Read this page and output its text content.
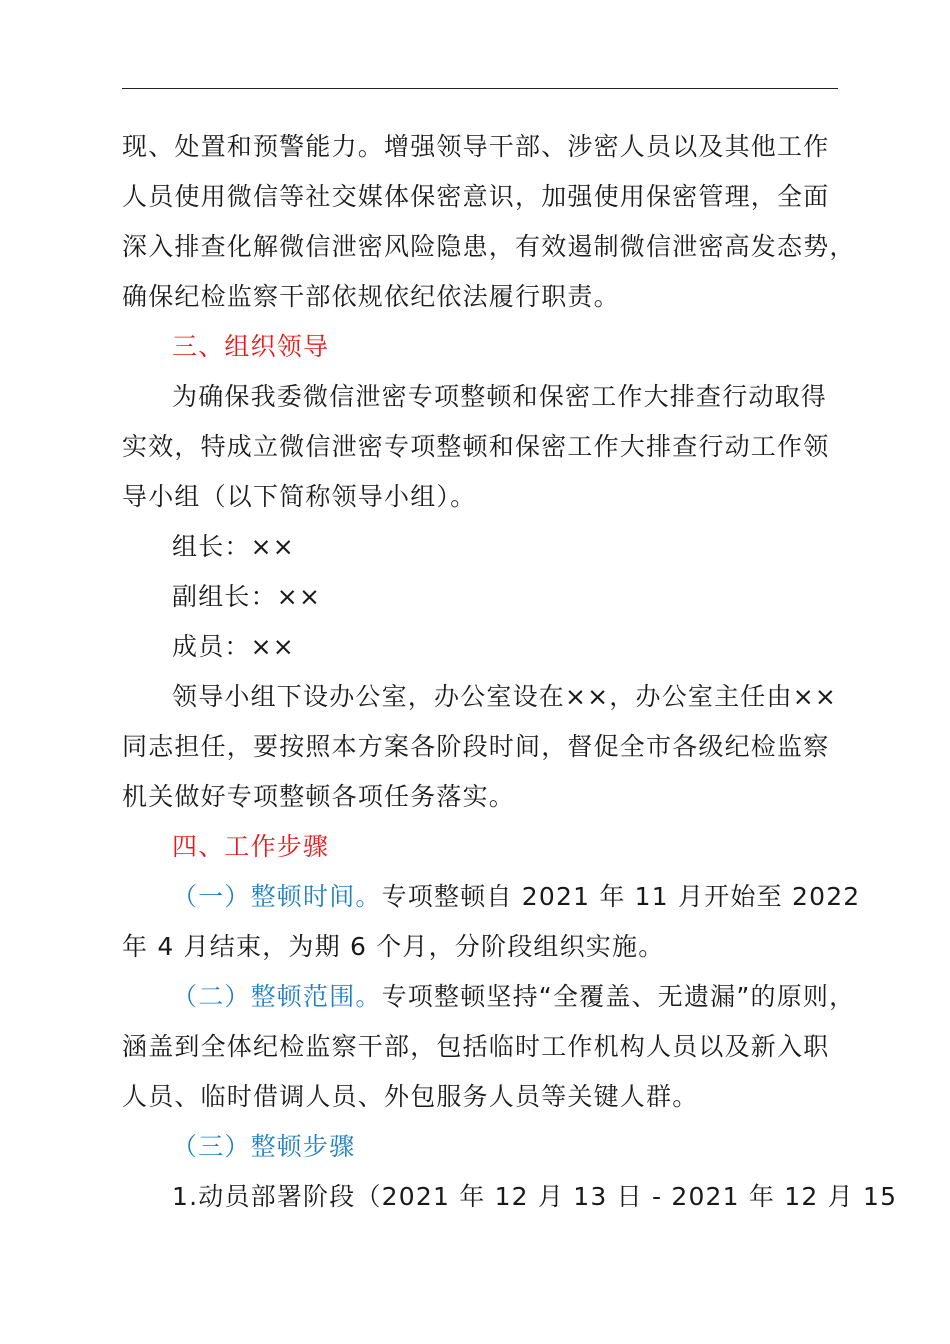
现、处置和预警能力。增强领导干部、涉密人员以及其他工作
人员使用微信等社交媒体保密意识，加强使用保密管理，全面
深入排查化解微信泄密风险隐患，有效遏制微信泄密高发态势，
确保纪检监察干部依规依纪依法履行职责。
三、组织领导
为确保我委微信泄密专项整顿和保密工作大排查行动取得
实效，特成立微信泄密专项整顿和保密工作大排查行动工作领
导小组（以下简称领导小组）。
组长：××
副组长：××
成员：××
领导小组下设办公室，办公室设在××，办公室主任由××
同志担任，要按照本方案各阶段时间，督促全市各级纪检监察
机关做好专项整顿各项任务落实。
四、工作步骤
（一）整顿时间。专项整顿自 2021 年 11 月开始至 2022
年 4 月结束，为期 6 个月，分阶段组织实施。
（二）整顿范围。专项整顿坚持“全覆盖、无遗漏”的原则，
涵盖到全体纪检监察干部，包括临时工作机构人员以及新入职
人员、临时借调人员、外包服务人员等关键人群。
（三）整顿步骤
1.动员部署阶段（2021 年 12 月 13 日 - 2021 年 12 月 15
